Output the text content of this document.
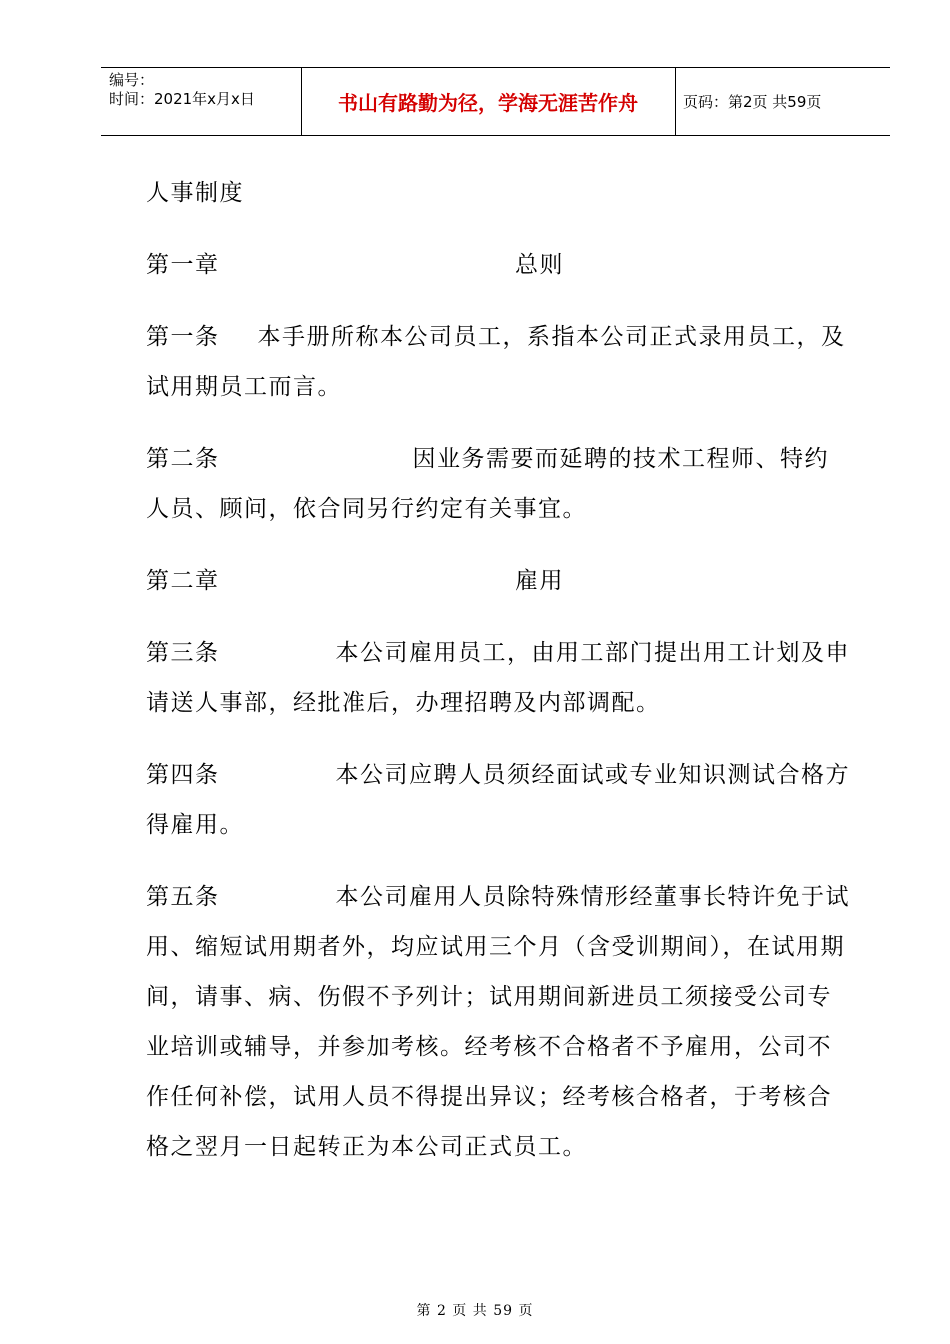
编号：
时间：2021年x月x日	书山有路勤为径，学海无涯苦作舟	页码：第2页 共59页
人事制度
第一章	总则
第一条 本手册所称本公司员工，系指本公司正式录用员工，及试用期员工而言。
第二条	因业务需要而延聘的技术工程师、特约人员、顾问，依合同另行约定有关事宜。
第二章	雇用
第三条	本公司雇用员工，由用工部门提出用工计划及申请送人事部，经批准后，办理招聘及内部调配。
第四条	本公司应聘人员须经面试或专业知识测试合格方得雇用。
第五条	本公司雇用人员除特殊情形经董事长特许免于试用、缩短试用期者外，均应试用三个月（含受训期间），在试用期间，请事、病、伤假不予列计；试用期间新进员工须接受公司专业培训或辅导，并参加考核。经考核不合格者不予雇用，公司不作任何补偿，试用人员不得提出异议；经考核合格者，于考核合格之翌月一日起转正为本公司正式员工。
第 2 页 共 59 页
